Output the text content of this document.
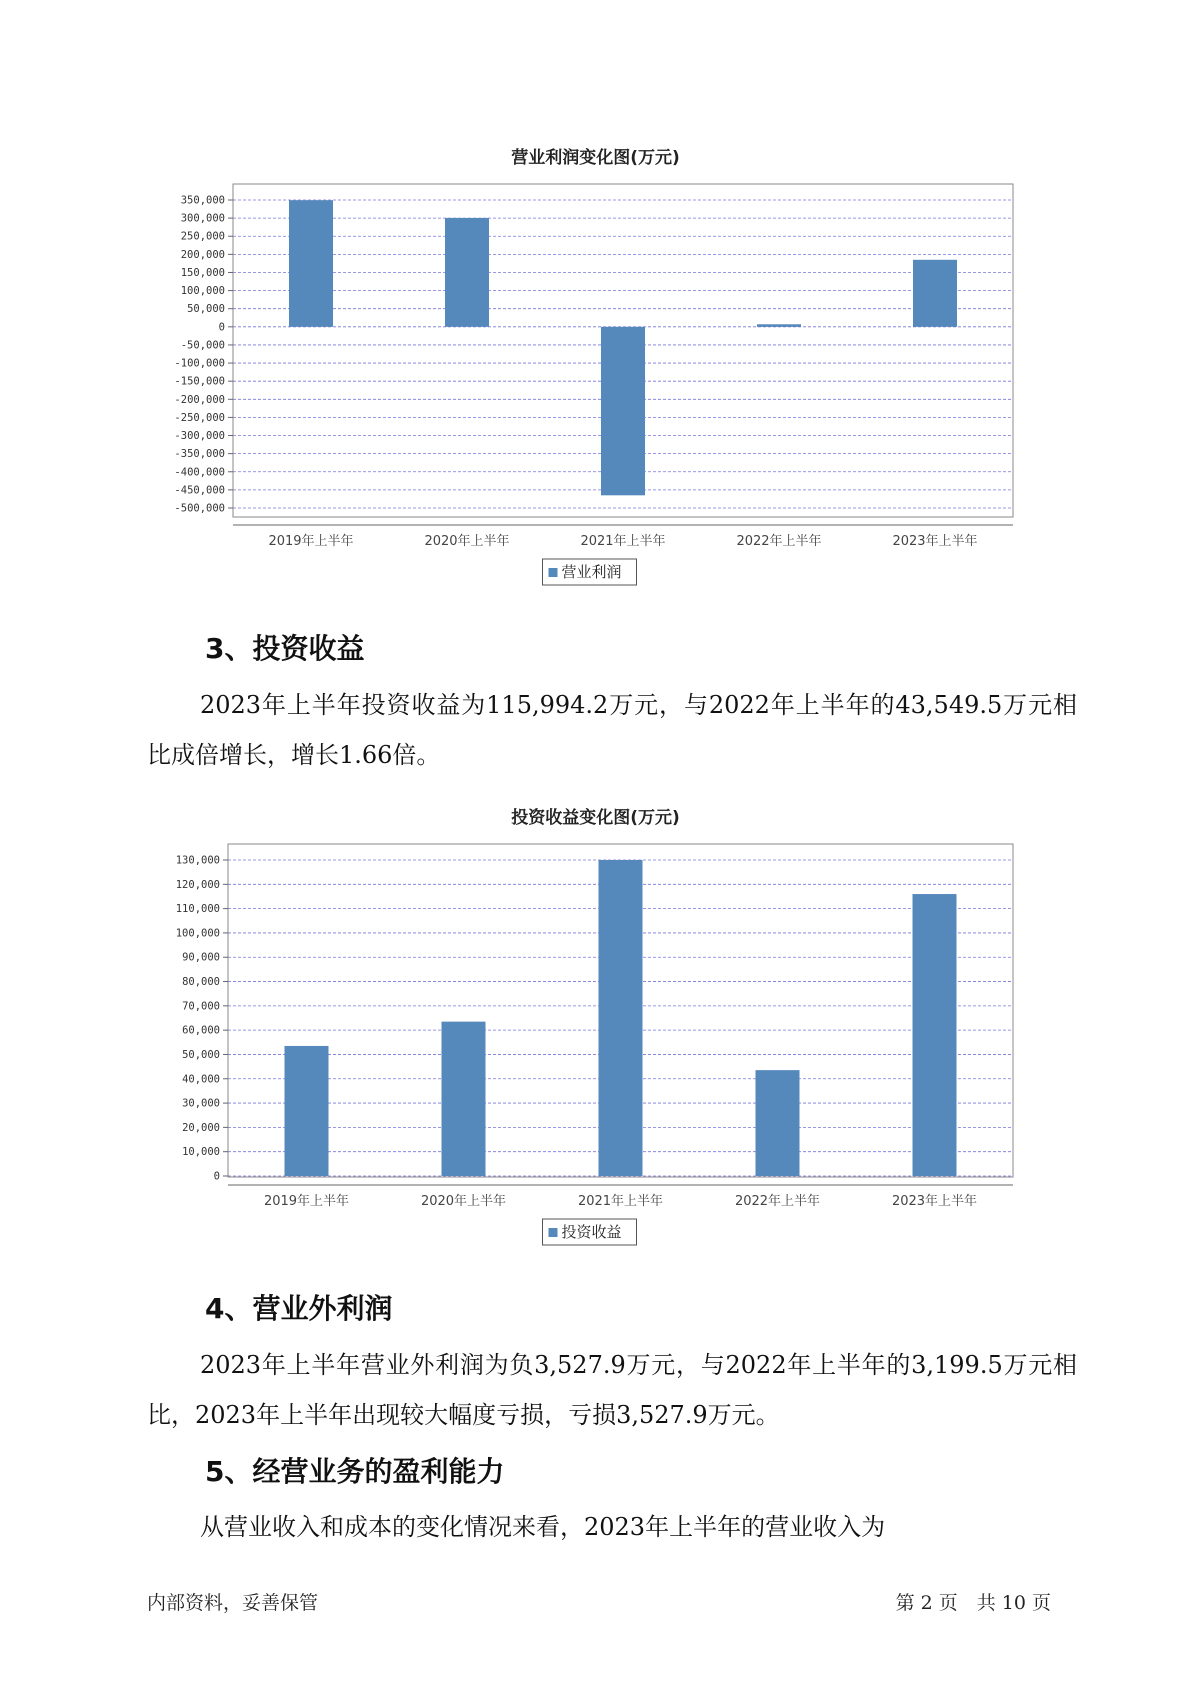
营业利润变化图(万元)
350,000
300,000
250,000
200,000
150,000
100,000
50,000
0
-50,000
-100,000
-150,000
-200,000
-250,000
-300,000
-350,000
-400,000
-450,000
-500,000
2019年上半年	2020年上半年	2021年上半年	2022年上半年	2023年上半年
营业利润
3、投资收益

2023年上半年投资收益为115,994.2万元，与2022年上半年的43,549.5万元相比成倍增长，增长1.66倍。

投资收益变化图(万元)
130,000
120,000
110,000
100,000
90,000
80,000
70,000
60,000
50,000
40,000
30,000
20,000
10,000
0
2019年上半年	2020年上半年	2021年上半年	2022年上半年	2023年上半年
投资收益
4、营业外利润

2023年上半年营业外利润为负3,527.9万元，与2022年上半年的3,199.5万元相比，2023年上半年出现较大幅度亏损，亏损3,527.9万元。

5、经营业务的盈利能力

从营业收入和成本的变化情况来看，2023年上半年的营业收入为

内部资料，妥善保管	第 2 页　共 10 页
